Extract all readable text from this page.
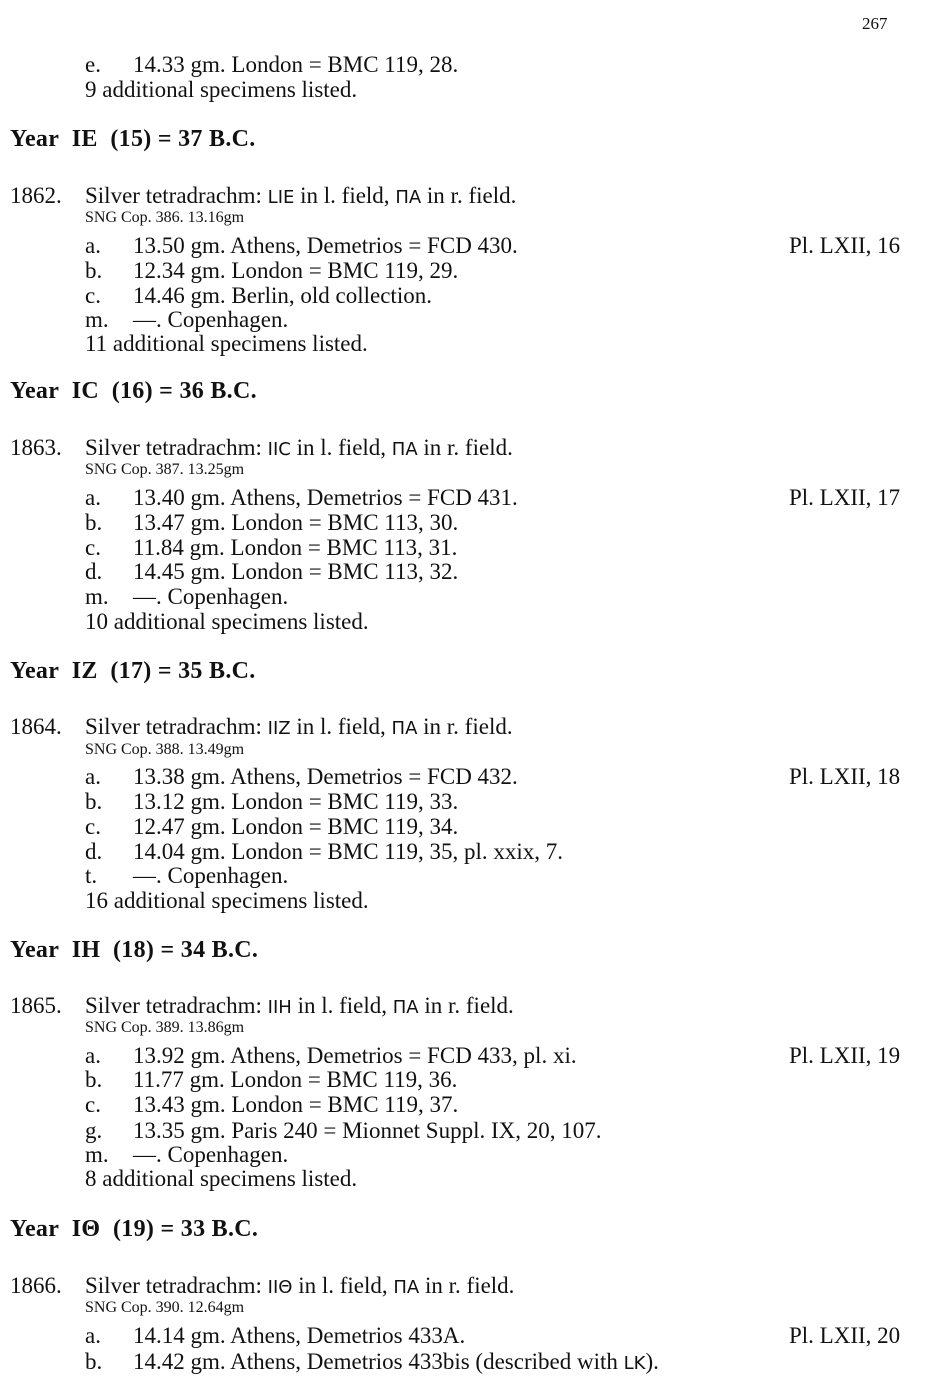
267
e. 14.33 gm. London = BMC 119, 28.
9 additional specimens listed.
Year IE (15) = 37 B.C.
1862. Silver tetradrachm: LIE in l. field, ΠA in r. field.
SNG Cop. 386. 13.16gm
a. 13.50 gm. Athens, Demetrios = FCD 430.	Pl. LXII, 16
b. 12.34 gm. London = BMC 119, 29.
c. 14.46 gm. Berlin, old collection.
m. —. Copenhagen.
11 additional specimens listed.
Year IC (16) = 36 B.C.
1863. Silver tetradrachm: IIC in l. field, ΠA in r. field.
SNG Cop. 387. 13.25gm
a. 13.40 gm. Athens, Demetrios = FCD 431.	Pl. LXII, 17
b. 13.47 gm. London = BMC 113, 30.
c. 11.84 gm. London = BMC 113, 31.
d. 14.45 gm. London = BMC 113, 32.
m. —. Copenhagen.
10 additional specimens listed.
Year IZ (17) = 35 B.C.
1864. Silver tetradrachm: IIZ in l. field, ΠA in r. field.
SNG Cop. 388. 13.49gm
a. 13.38 gm. Athens, Demetrios = FCD 432.	Pl. LXII, 18
b. 13.12 gm. London = BMC 119, 33.
c. 12.47 gm. London = BMC 119, 34.
d. 14.04 gm. London = BMC 119, 35, pl. xxix, 7.
t. —. Copenhagen.
16 additional specimens listed.
Year IH (18) = 34 B.C.
1865. Silver tetradrachm: IIH in l. field, ΠA in r. field.
SNG Cop. 389. 13.86gm
a. 13.92 gm. Athens, Demetrios = FCD 433, pl. xi.	Pl. LXII, 19
b. 11.77 gm. London = BMC 119, 36.
c. 13.43 gm. London = BMC 119, 37.
g. 13.35 gm. Paris 240 = Mionnet Suppl. IX, 20, 107.
m. —. Copenhagen.
8 additional specimens listed.
Year IΘ (19) = 33 B.C.
1866. Silver tetradrachm: IIΘ in l. field, ΠA in r. field.
SNG Cop. 390. 12.64gm
a. 14.14 gm. Athens, Demetrios 433A.	Pl. LXII, 20
b. 14.42 gm. Athens, Demetrios 433bis (described with LK).
